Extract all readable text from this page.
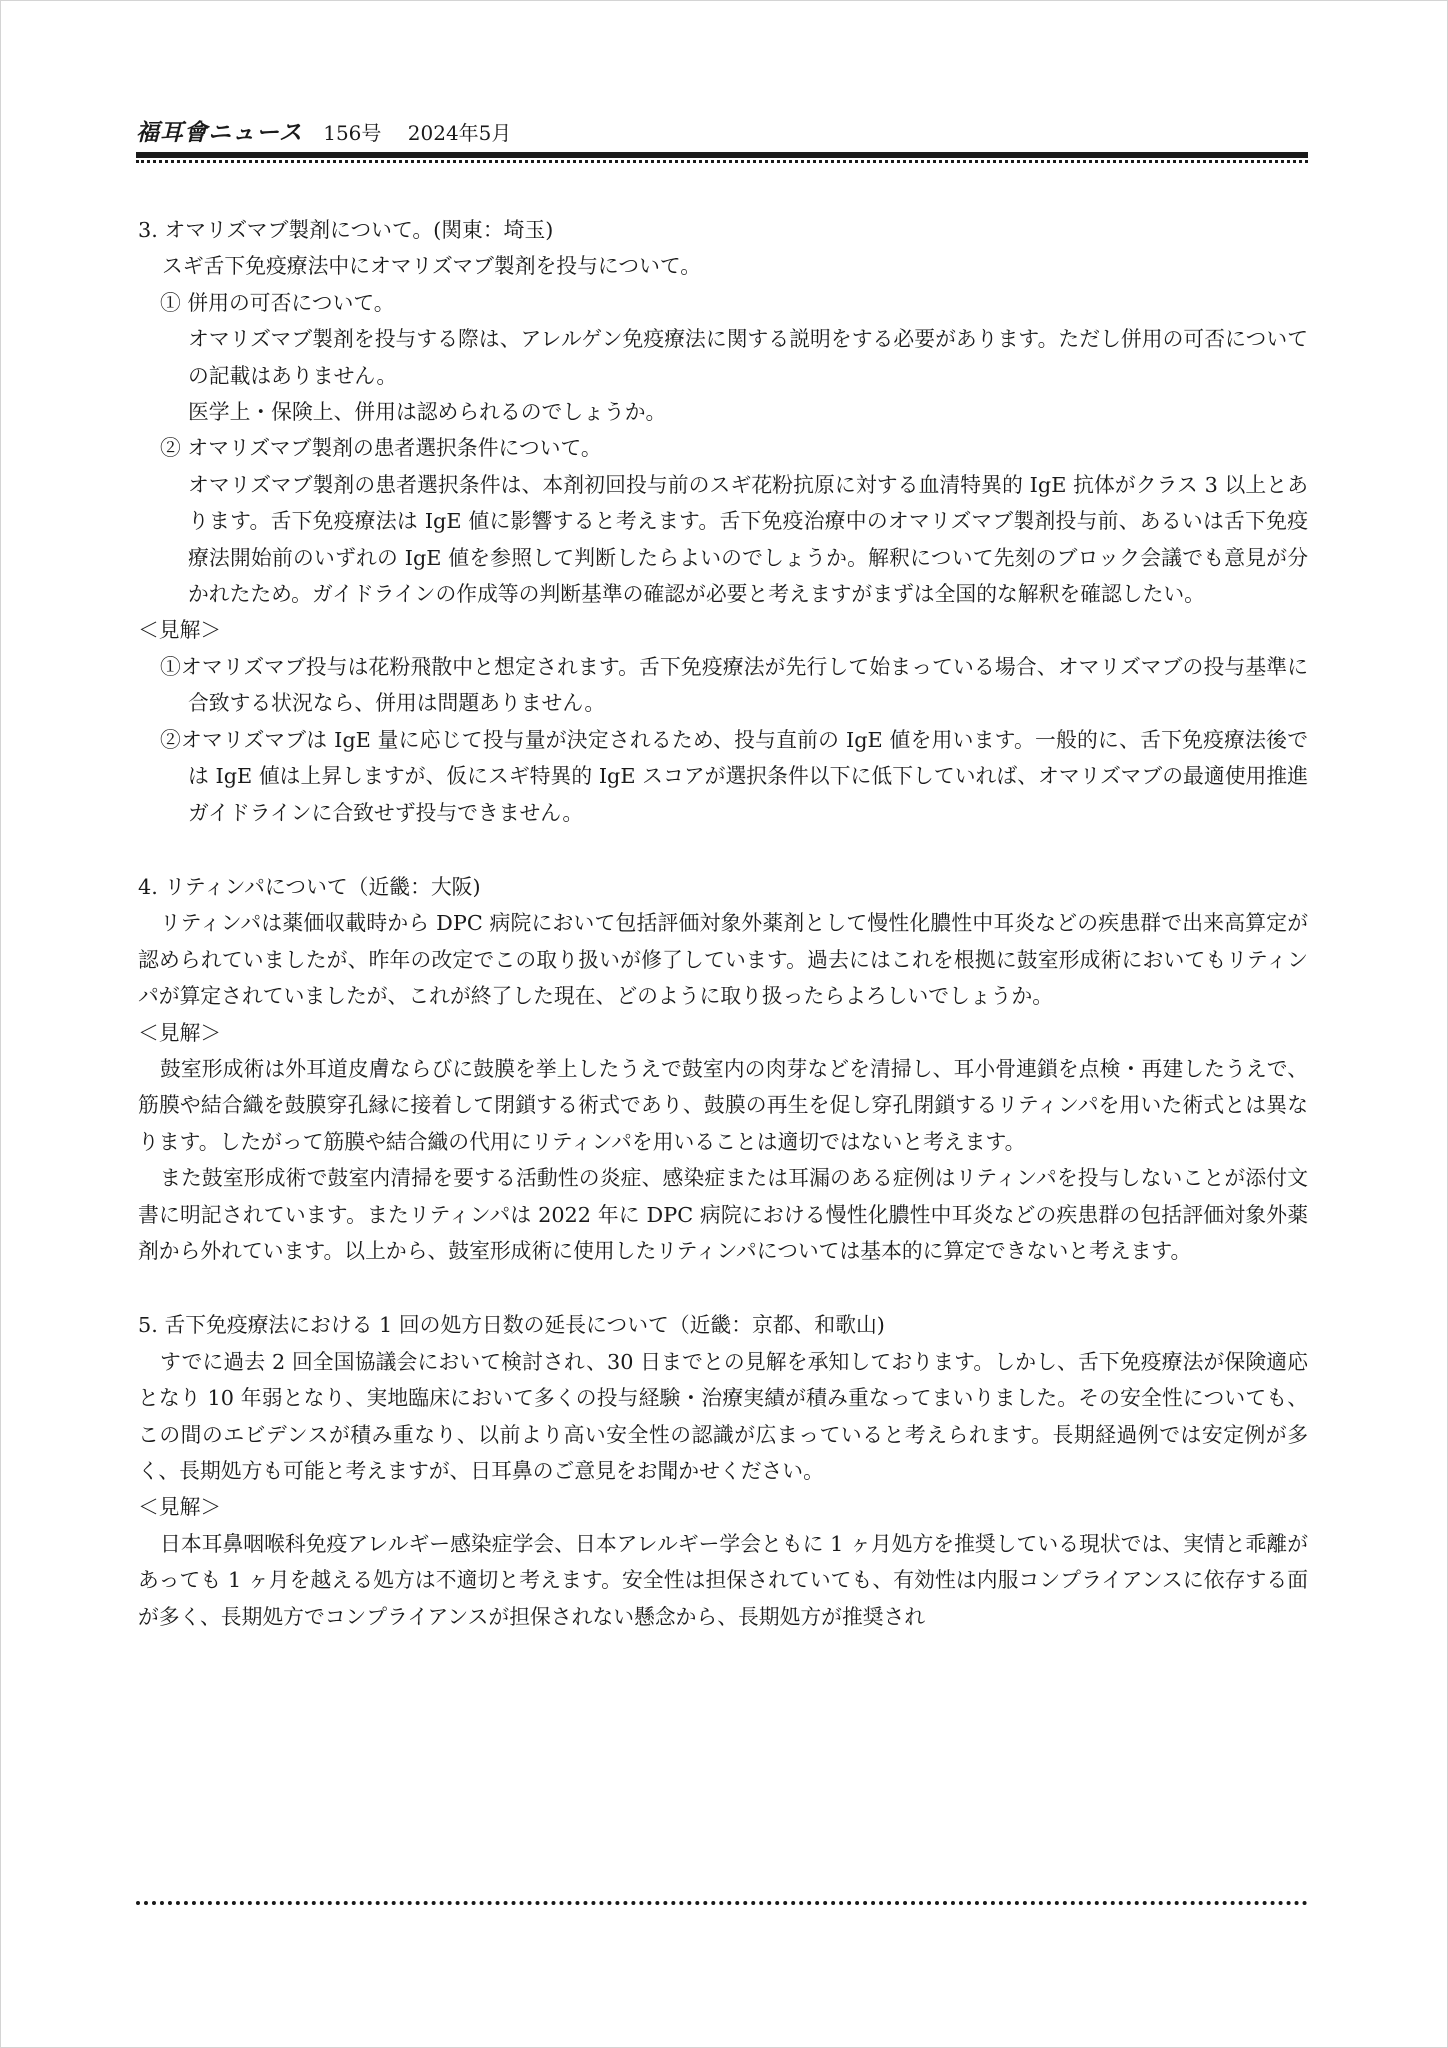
福耳會ニュース 156号 2024年5月

3. オマリズマブ製剤について。(関東：埼玉)

スギ舌下免疫療法中にオマリズマブ製剤を投与について。

① 併用の可否について。

オマリズマブ製剤を投与する際は、アレルゲン免疫療法に関する説明をする必要があります。ただし併用の可否についての記載はありません。

医学上・保険上、併用は認められるのでしょうか。

② オマリズマブ製剤の患者選択条件について。

オマリズマブ製剤の患者選択条件は、本剤初回投与前のスギ花粉抗原に対する血清特異的 IgE 抗体がクラス 3 以上とあります。舌下免疫療法は IgE 値に影響すると考えます。舌下免疫治療中のオマリズマブ製剤投与前、あるいは舌下免疫療法開始前のいずれの IgE 値を参照して判断したらよいのでしょうか。解釈について先刻のブロック会議でも意見が分かれたため。ガイドラインの作成等の判断基準の確認が必要と考えますがまずは全国的な解釈を確認したい。

＜見解＞

①オマリズマブ投与は花粉飛散中と想定されます。舌下免疫療法が先行して始まっている場合、オマリズマブの投与基準に合致する状況なら、併用は問題ありません。

②オマリズマブは IgE 量に応じて投与量が決定されるため、投与直前の IgE 値を用います。一般的に、舌下免疫療法後では IgE 値は上昇しますが、仮にスギ特異的 IgE スコアが選択条件以下に低下していれば、オマリズマブの最適使用推進ガイドラインに合致せず投与できません。

4. リティンパについて（近畿：大阪)

リティンパは薬価収載時から DPC 病院において包括評価対象外薬剤として慢性化膿性中耳炎などの疾患群で出来高算定が認められていましたが、昨年の改定でこの取り扱いが修了しています。過去にはこれを根拠に鼓室形成術においてもリティンパが算定されていましたが、これが終了した現在、どのように取り扱ったらよろしいでしょうか。

＜見解＞

鼓室形成術は外耳道皮膚ならびに鼓膜を挙上したうえで鼓室内の肉芽などを清掃し、耳小骨連鎖を点検・再建したうえで、筋膜や結合織を鼓膜穿孔縁に接着して閉鎖する術式であり、鼓膜の再生を促し穿孔閉鎖するリティンパを用いた術式とは異なります。したがって筋膜や結合織の代用にリティンパを用いることは適切ではないと考えます。

また鼓室形成術で鼓室内清掃を要する活動性の炎症、感染症または耳漏のある症例はリティンパを投与しないことが添付文書に明記されています。またリティンパは 2022 年に DPC 病院における慢性化膿性中耳炎などの疾患群の包括評価対象外薬剤から外れています。以上から、鼓室形成術に使用したリティンパについては基本的に算定できないと考えます。

5. 舌下免疫療法における 1 回の処方日数の延長について（近畿：京都、和歌山)

すでに過去 2 回全国協議会において検討され、30 日までとの見解を承知しております。しかし、舌下免疫療法が保険適応となり 10 年弱となり、実地臨床において多くの投与経験・治療実績が積み重なってまいりました。その安全性についても、この間のエビデンスが積み重なり、以前より高い安全性の認識が広まっていると考えられます。長期経過例では安定例が多く、長期処方も可能と考えますが、日耳鼻のご意見をお聞かせください。

＜見解＞

日本耳鼻咽喉科免疫アレルギー感染症学会、日本アレルギー学会ともに 1 ヶ月処方を推奨している現状では、実情と乖離があっても 1 ヶ月を越える処方は不適切と考えます。安全性は担保されていても、有効性は内服コンプライアンスに依存する面が多く、長期処方でコンプライアンスが担保されない懸念から、長期処方が推奨され
